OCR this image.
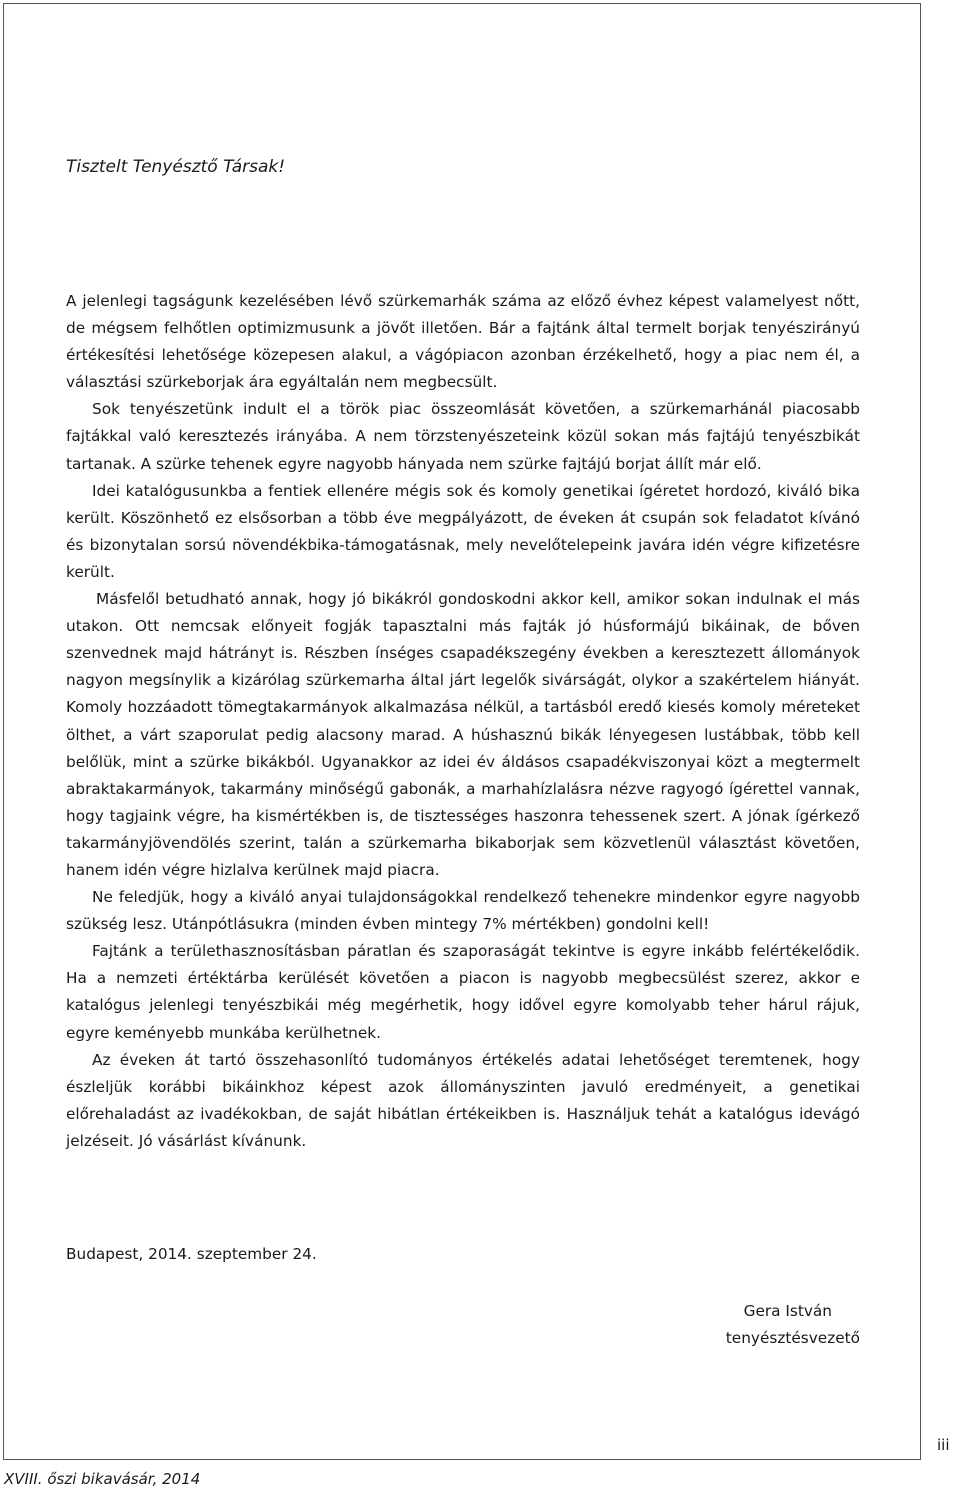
Tisztelt Tenyésztő Társak!

A jelenlegi tagságunk kezelésében lévő szürkemarhák száma az előző évhez képest valamelyest nőtt, de mégsem felhőtlen optimizmusunk a jövőt illetően. Bár a fajtánk által termelt borjak tenyészirányú értékesítési lehetősége közepesen alakul, a vágópiacon azonban érzékelhető, hogy a piac nem él, a választási szürkeborjak ára egyáltalán nem megbecsült.

Sok tenyészetünk indult el a török piac összeomlását követően, a szürkemarhánál piacosabb fajtákkal való keresztezés irányába. A nem törzstenyészeteink közül sokan más fajtájú tenyészbikát tartanak. A szürke tehenek egyre nagyobb hányada nem szürke fajtájú borjat állít már elő.

Idei katalógusunkba a fentiek ellenére mégis sok és komoly genetikai ígéretet hordozó, kiváló bika került. Köszönhető ez elsősorban a több éve megpályázott, de éveken át csupán sok feladatot kívánó és bizonytalan sorsú növendékbika-támogatásnak, mely nevelőtelepeink javára idén végre kifizetésre került.

Másfelől betudható annak, hogy jó bikákról gondoskodni akkor kell, amikor sokan indulnak el más utakon. Ott nemcsak előnyeit fogják tapasztalni más fajták jó húsformájú bikáinak, de bőven szenvednek majd hátrányt is. Részben ínséges csapadékszegény években a keresztezett állományok nagyon megsínylik a kizárólag szürkemarha által járt legelők sivárságát, olykor a szakértelem hiányát. Komoly hozzáadott tömegtakarmányok alkalmazása nélkül, a tartásból eredő kiesés komoly méreteket ölthet, a várt szaporulat pedig alacsony marad. A húshasznú bikák lényegesen lustábbak, több kell belőlük, mint a szürke bikákból. Ugyanakkor az idei év áldásos csapadékviszonyai közt a megtermelt abraktakarmányok, takarmány minőségű gabonák, a marhahízlalásra nézve ragyogó ígérettel vannak, hogy tagjaink végre, ha kismértékben is, de tisztességes haszonra tehessenek szert. A jónak ígérkező takarmányjövendölés szerint, talán a szürkemarha bikaborjak sem közvetlenül választást követően, hanem idén végre hizlalva kerülnek majd piacra.

Ne feledjük, hogy a kiváló anyai tulajdonságokkal rendelkező tehenekre mindenkor egyre nagyobb szükség lesz. Utánpótlásukra (minden évben mintegy 7% mértékben) gondolni kell!

Fajtánk a területhasznosításban páratlan és szaporaságát tekintve is egyre inkább felértékelődik. Ha a nemzeti értéktárba kerülését követően a piacon is nagyobb megbecsülést szerez, akkor e katalógus jelenlegi tenyészbikái még megérhetik, hogy idővel egyre komolyabb teher hárul rájuk, egyre keményebb munkába kerülhetnek.

Az éveken át tartó összehasonlító tudományos értékelés adatai lehetőséget teremtenek, hogy észleljük korábbi bikáinkhoz képest azok állományszinten javuló eredményeit, a genetikai előrehaladást az ivadékokban, de saját hibátlan értékeikben is. Használjuk tehát a katalógus idevágó jelzéseit. Jó vásárlást kívánunk.

Budapest, 2014. szeptember 24.

Gera István
tenyésztésvezető

XVIII. őszi bikavásár, 2014

iii
